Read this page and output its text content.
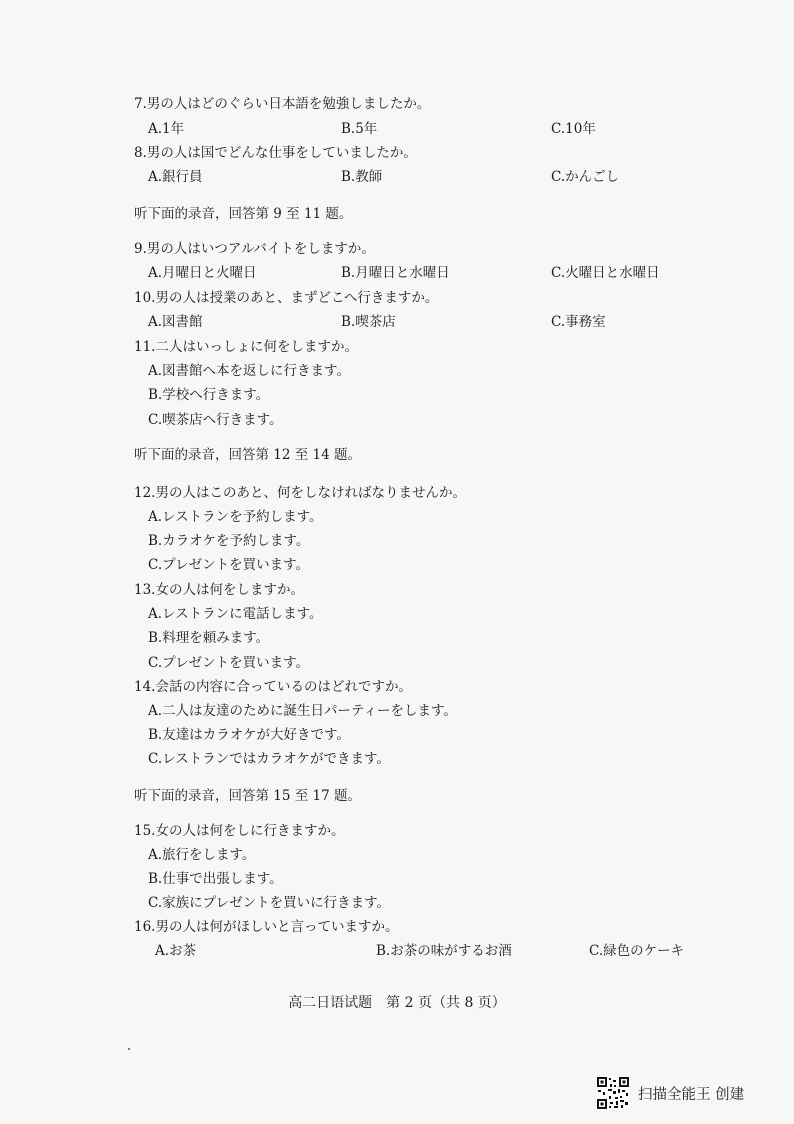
7.男の人はどのぐらい日本語を勉強しましたか。
A.1年	B.5年	C.10年
8.男の人は国でどんな仕事をしていましたか。
A.銀行員	B.教師	C.かんごし
听下面的录音，回答第 9 至 11 题。
9.男の人はいつアルバイトをしますか。
A.月曜日と火曜日	B.月曜日と水曜日	C.火曜日と水曜日
10.男の人は授業のあと、まずどこへ行きますか。
A.図書館	B.喫茶店	C.事務室
11.二人はいっしょに何をしますか。
A.図書館へ本を返しに行きます。
B.学校へ行きます。
C.喫茶店へ行きます。
听下面的录音，回答第 12 至 14 题。
12.男の人はこのあと、何をしなければなりませんか。
A.レストランを予約します。
B.カラオケを予約します。
C.プレゼントを買います。
13.女の人は何をしますか。
A.レストランに電話します。
B.料理を頼みます。
C.プレゼントを買います。
14.会話の内容に合っているのはどれですか。
A.二人は友達のために誕生日パーティーをします。
B.友達はカラオケが大好きです。
C.レストランではカラオケができます。
听下面的录音，回答第 15 至 17 题。
15.女の人は何をしに行きますか。
A.旅行をします。
B.仕事で出張します。
C.家族にプレゼントを買いに行きます。
16.男の人は何がほしいと言っていますか。
A.お茶	B.お茶の味がするお酒	C.緑色のケーキ
高二日语试题　第 2 页（共 8 页）
扫描全能王 创建
